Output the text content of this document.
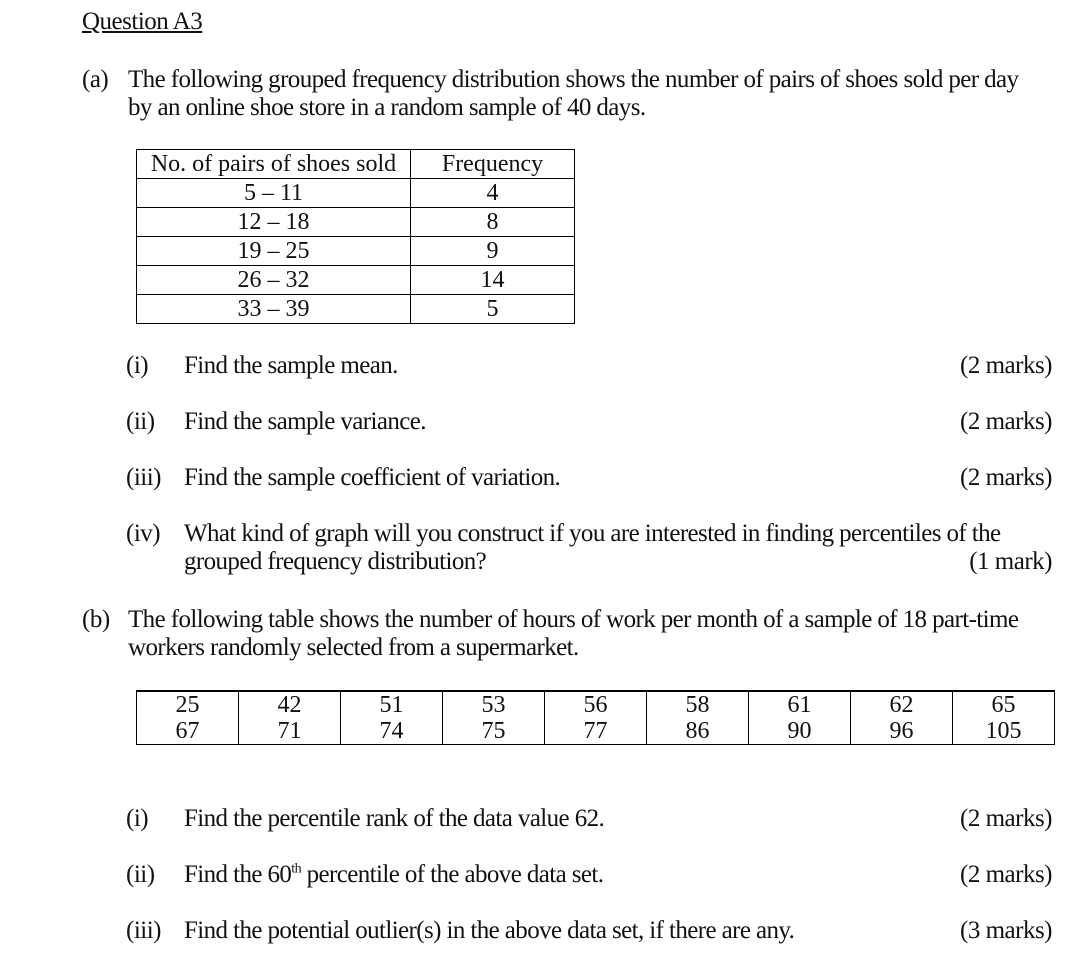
Question A3
(a) The following grouped frequency distribution shows the number of pairs of shoes sold per day
by an online shoe store in a random sample of 40 days.
No. of pairs of shoes sold	Frequency
5 – 11	4
12 – 18	8
19 – 25	9
26 – 32	14
33 – 39	5
(i) Find the sample mean.	(2 marks)
(ii) Find the sample variance.	(2 marks)
(iii) Find the sample coefficient of variation.	(2 marks)
(iv) What kind of graph will you construct if you are interested in finding percentiles of the
grouped frequency distribution?	(1 mark)
(b) The following table shows the number of hours of work per month of a sample of 18 part-time
workers randomly selected from a supermarket.
25	42	51	53	56	58	61	62	65
67	71	74	75	77	86	90	96	105
(i) Find the percentile rank of the data value 62.	(2 marks)
(ii) Find the 60th percentile of the above data set.	(2 marks)
(iii) Find the potential outlier(s) in the above data set, if there are any.	(3 marks)
